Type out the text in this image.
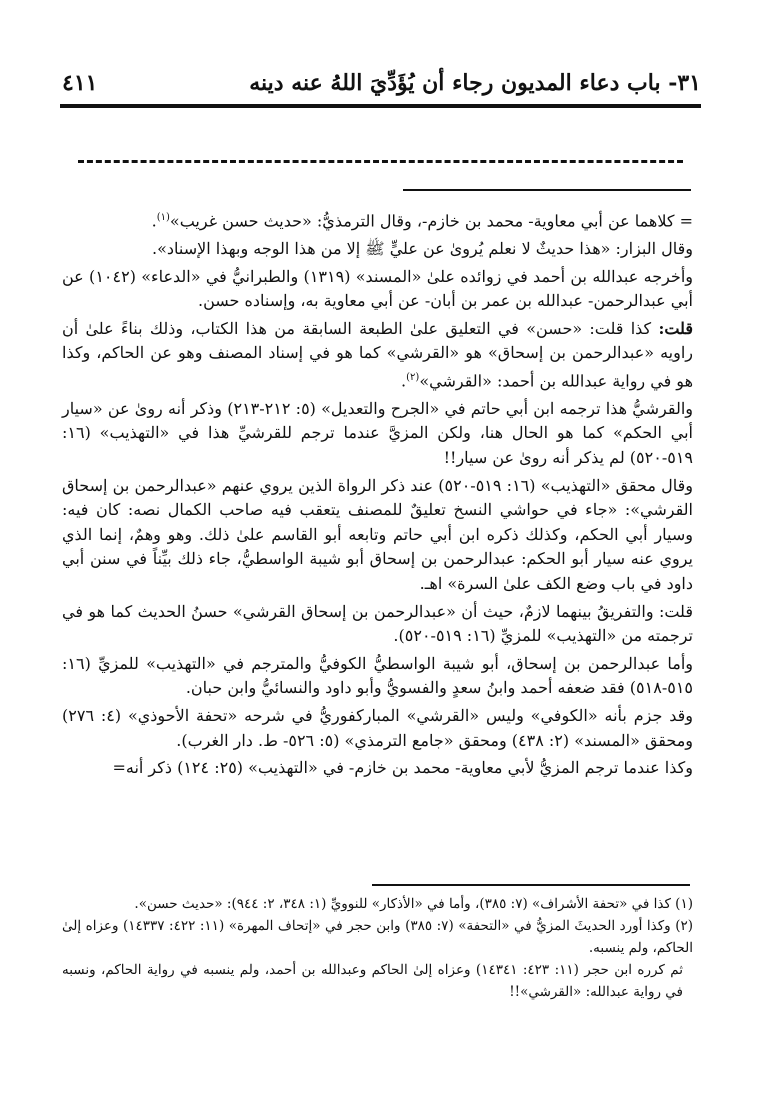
٣١- باب دعاء المديون رجاء أن يُؤَدِّيَ اللهُ عنه دينه
٤١١

= كلاهما عن أبي معاوية- محمد بن خازم-، وقال الترمذيُّ: «حديث حسن غريب»$^{(١)}$.

وقال البزار: «هذا حديثٌ لا نعلم يُروىٰ عن عليٍّ ﷺ إلا من هذا الوجه وبهذا الإسناد».

وأخرجه عبدالله بن أحمد في زوائده علىٰ «المسند» (١٣١٩) والطبرانيُّ في «الدعاء» (١٠٤٢) عن أبي عبدالرحمن- عبدالله بن عمر بن أبان- عن أبي معاوية به، وإسناده حسن.

قلت: كذا قلت: «حسن» في التعليق علىٰ الطبعة السابقة من هذا الكتاب، وذلك بناءً علىٰ أن راويه «عبدالرحمن بن إسحاق» هو «القرشي» كما هو في إسناد المصنف وهو عن الحاكم، وكذا هو في رواية عبدالله بن أحمد: «القرشي»$^{(٢)}$.

والقرشيُّ هذا ترجمه ابن أبي حاتم في «الجرح والتعديل» (٥: ٢١٢-٢١٣) وذكر أنه روىٰ عن «سيار أبي الحكم» كما هو الحال هنا، ولكن المزيَّ عندما ترجم للقرشيِّ هذا في «التهذيب» (١٦: ٥١٩-٥٢٠) لم يذكر أنه روىٰ عن سيار!!

وقال محقق «التهذيب» (١٦: ٥١٩-٥٢٠) عند ذكر الرواة الذين يروي عنهم «عبدالرحمن بن إسحاق القرشي»: «جاء في حواشي النسخ تعليقٌ للمصنف يتعقب فيه صاحب الكمال نصه: كان فيه: وسيار أبي الحكم، وكذلك ذكره ابن أبي حاتم وتابعه أبو القاسم علىٰ ذلك. وهو وهمٌ، إنما الذي يروي عنه سيار أبو الحكم: عبدالرحمن بن إسحاق أبو شيبة الواسطيُّ، جاء ذلك بيِّناً في سنن أبي داود في باب وضع الكف علىٰ السرة» اهـ.

قلت: والتفريقُ بينهما لازمٌ، حيث أن «عبدالرحمن بن إسحاق القرشي» حسنُ الحديث كما هو في ترجمته من «التهذيب» للمزيِّ (١٦: ٥١٩-٥٢٠).

وأما عبدالرحمن بن إسحاق، أبو شيبة الواسطيُّ الكوفيُّ والمترجم في «التهذيب» للمزيِّ (١٦: ٥١٥-٥١٨) فقد ضعفه أحمد وابنُ سعدٍ والفسويُّ وأبو داود والنسائيُّ وابن حبان.

وقد جزم بأنه «الكوفي» وليس «القرشي» المباركفوريُّ في شرحه «تحفة الأحوذي» (٤: ٢٧٦) ومحقق «المسند» (٢: ٤٣٨) ومحقق «جامع الترمذي» (٥: ٥٢٦- ط. دار الغرب).

وكذا عندما ترجم المزيُّ لأبي معاوية- محمد بن خازم- في «التهذيب» (٢٥: ١٢٤) ذكر أنه=

(١) كذا في «تحفة الأشراف» (٧: ٣٨٥)، وأما في «الأذكار» للنوويِّ (١: ٣٤٨، ٢: ٩٤٤): «حديث حسن».

(٢) وكذا أورد الحديثَ المزيُّ في «التحفة» (٧: ٣٨٥) وابن حجر في «إتحاف المهرة» (١١: ٤٢٢: ١٤٣٣٧) وعزاه إلىٰ الحاكم، ولم ينسبه.

ثم كرره ابن حجر (١١: ٤٢٣: ١٤٣٤١) وعزاه إلىٰ الحاكم وعبدالله بن أحمد، ولم ينسبه في رواية الحاكم، ونسبه في رواية عبدالله: «القرشي»!!
